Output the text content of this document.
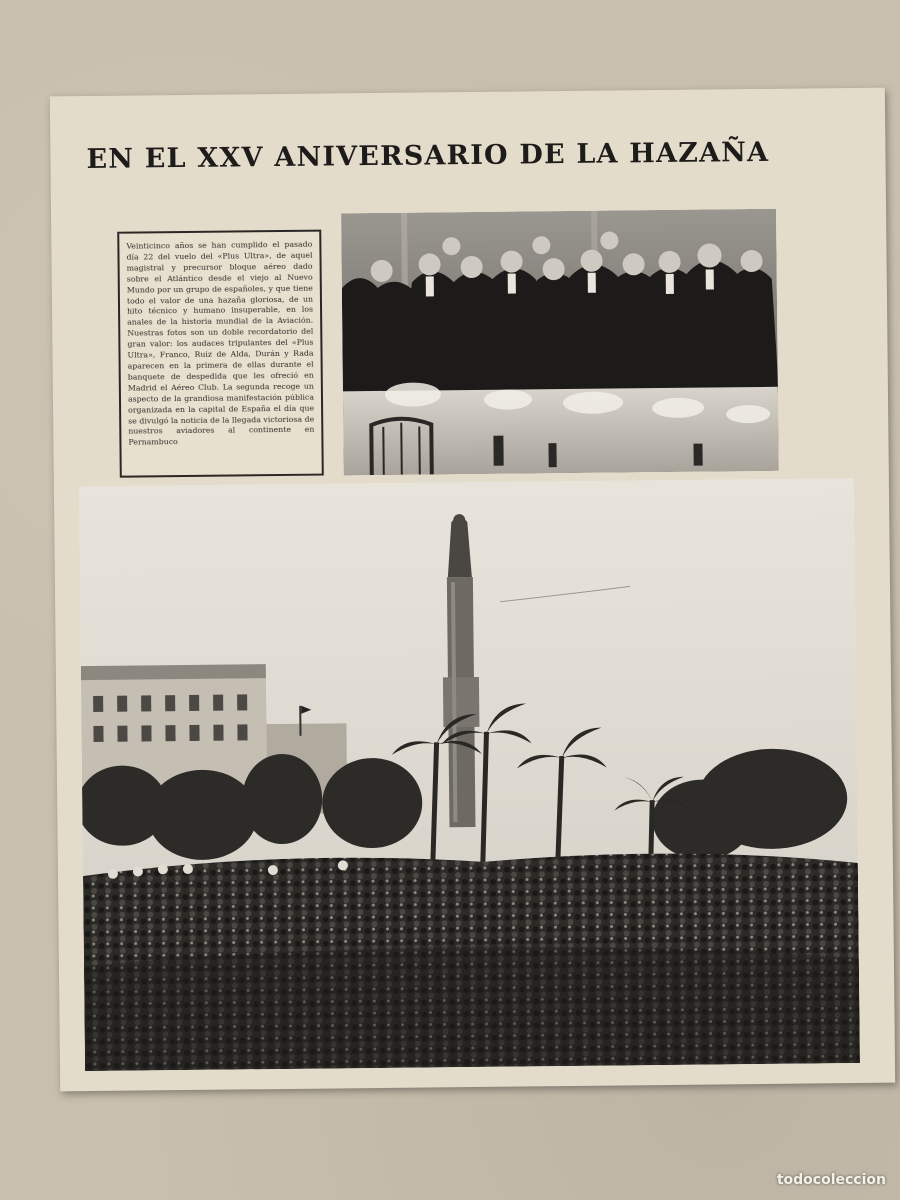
EN EL XXV ANIVERSARIO DE LA HAZAÑA

Veinticinco años se han cumplido el pasado día 22 del vuelo del «Plus Ultra», de aquel magistral y precursor bloque aéreo dado sobre el Atlántico desde el viejo al Nuevo Mundo por un grupo de españoles, y que tiene todo el valor de una hazaña gloriosa, de un hito técnico y humano insuperable, en los anales de la historia mundial de la Aviación. Nuestras fotos son un doble recordatorio del gran valor: los audaces tripulantes del «Plus Ultra», Franco, Ruiz de Alda, Durán y Rada aparecen en la primera de ellas durante el banquete de despedida que les ofreció en Madrid el Aéreo Club. La segunda recoge un aspecto de la grandiosa manifestación pública organizada en la capital de España el día que se divulgó la noticia de la llegada victoriosa de nuestros aviadores al continente en Pernambuco

todocoleccion
